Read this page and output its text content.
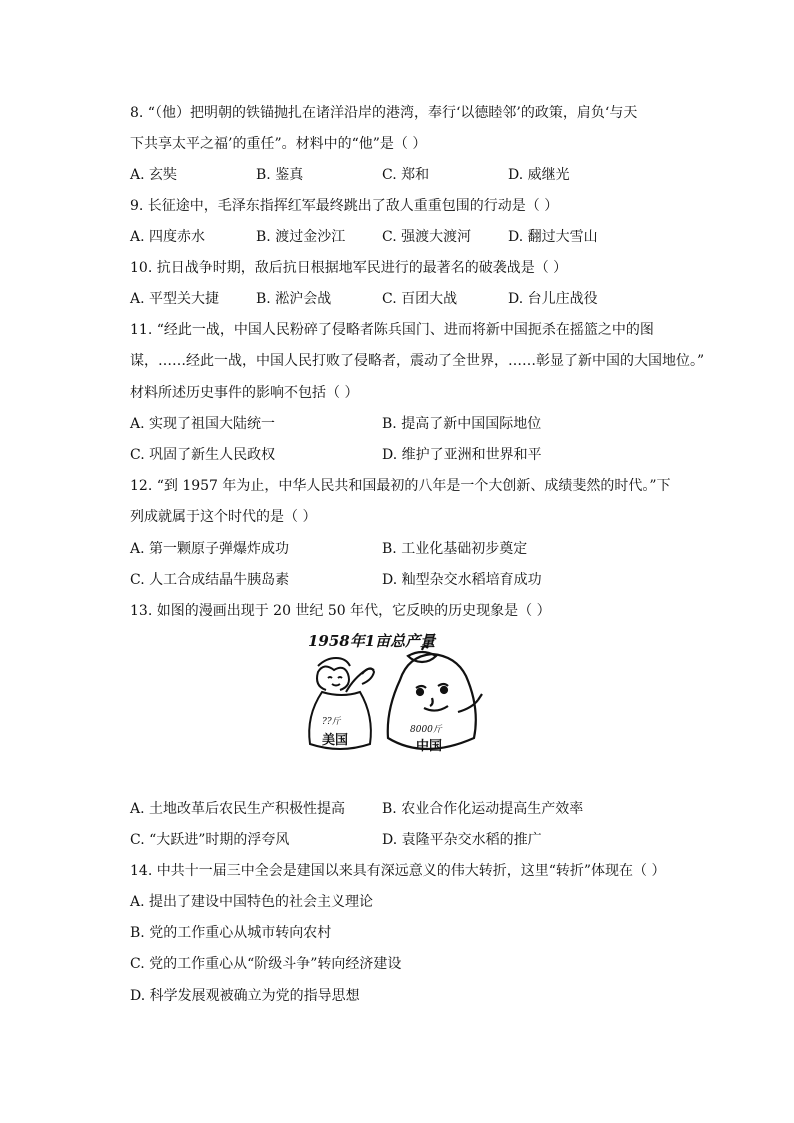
8. “（他）把明朝的铁锚抛扎在诸洋沿岸的港湾，奉行‘以德睦邻’的政策，肩负‘与天
下共享太平之福’的重任”。材料中的“他”是（ ）
A. 玄奘	B. 鉴真	C. 郑和	D. 威继光
9. 长征途中，毛泽东指挥红军最终跳出了敌人重重包围的行动是（ ）
A. 四度赤水	B. 渡过金沙江	C. 强渡大渡河	D. 翻过大雪山
10. 抗日战争时期，敌后抗日根据地军民进行的最著名的破袭战是（ ）
A. 平型关大捷	B. 淞沪会战	C. 百团大战	D. 台儿庄战役
11. “经此一战，中国人民粉碎了侵略者陈兵国门、进而将新中国扼杀在摇篮之中的图
谋，……经此一战，中国人民打败了侵略者，震动了全世界，……彰显了新中国的大国地位。”
材料所述历史事件的影响不包括（ ）
A. 实现了祖国大陆统一	B. 提高了新中国国际地位
C. 巩固了新生人民政权	D. 维护了亚洲和世界和平
12. “到 1957 年为止，中华人民共和国最初的八年是一个大创新、成绩斐然的时代。”下
列成就属于这个时代的是（ ）
A. 第一颗原子弹爆炸成功	B. 工业化基础初步奠定
C. 人工合成结晶牛胰岛素	D. 籼型杂交水稻培育成功
13. 如图的漫画出现于 20 世纪 50 年代，它反映的历史现象是（ ）
1958年1亩总产量
??斤
美国
8000斤
中国
A. 土地改革后农民生产积极性提高	B. 农业合作化运动提高生产效率
C. “大跃进”时期的浮夸风	D. 袁隆平杂交水稻的推广
14. 中共十一届三中全会是建国以来具有深远意义的伟大转折，这里“转折”体现在（ ）
A. 提出了建设中国特色的社会主义理论
B. 党的工作重心从城市转向农村
C. 党的工作重心从“阶级斗争”转向经济建设
D. 科学发展观被确立为党的指导思想
